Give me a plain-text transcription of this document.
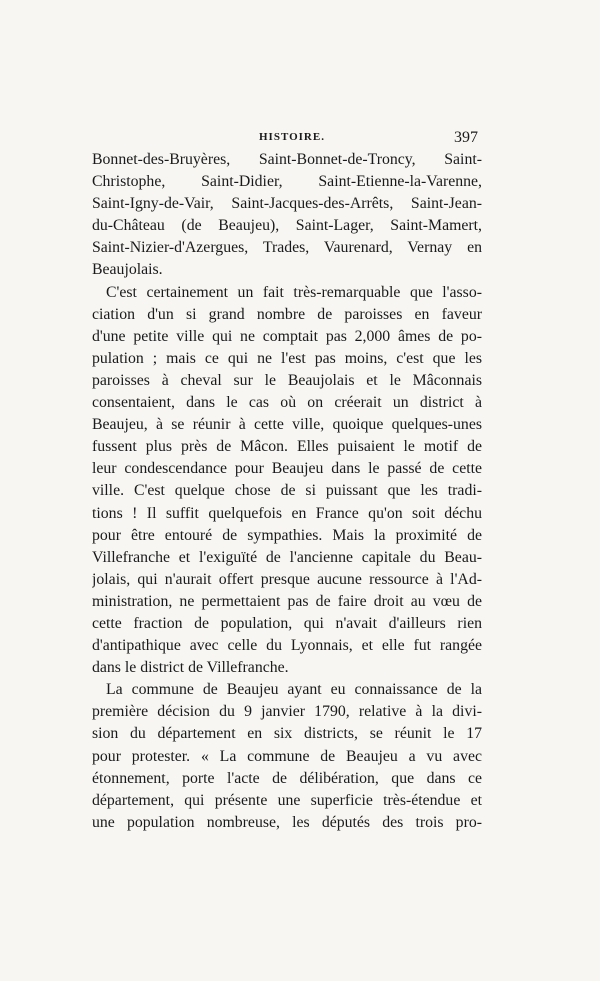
HISTOIRE.	397
Bonnet-des-Bruyères, Saint-Bonnet-de-Troncy, Saint-
Christophe, Saint-Didier, Saint-Etienne-la-Varenne,
Saint-Igny-de-Vair, Saint-Jacques-des-Arrêts, Saint-Jean-
du-Château (de Beaujeu), Saint-Lager, Saint-Mamert,
Saint-Nizier-d'Azergues, Trades, Vaurenard, Vernay en
Beaujolais.
C'est certainement un fait très-remarquable que l'asso-
ciation d'un si grand nombre de paroisses en faveur
d'une petite ville qui ne comptait pas 2,000 âmes de po-
pulation ; mais ce qui ne l'est pas moins, c'est que les
paroisses à cheval sur le Beaujolais et le Mâconnais
consentaient, dans le cas où on créerait un district à
Beaujeu, à se réunir à cette ville, quoique quelques-unes
fussent plus près de Mâcon. Elles puisaient le motif de
leur condescendance pour Beaujeu dans le passé de cette
ville. C'est quelque chose de si puissant que les tradi-
tions ! Il suffit quelquefois en France qu'on soit déchu
pour être entouré de sympathies. Mais la proximité de
Villefranche et l'exiguïté de l'ancienne capitale du Beau-
jolais, qui n'aurait offert presque aucune ressource à l'Ad-
ministration, ne permettaient pas de faire droit au vœu de
cette fraction de population, qui n'avait d'ailleurs rien
d'antipathique avec celle du Lyonnais, et elle fut rangée
dans le district de Villefranche.
La commune de Beaujeu ayant eu connaissance de la
première décision du 9 janvier 1790, relative à la divi-
sion du département en six districts, se réunit le 17
pour protester. « La commune de Beaujeu a vu avec
étonnement, porte l'acte de délibération, que dans ce
département, qui présente une superficie très-étendue et
une population nombreuse, les députés des trois pro-
